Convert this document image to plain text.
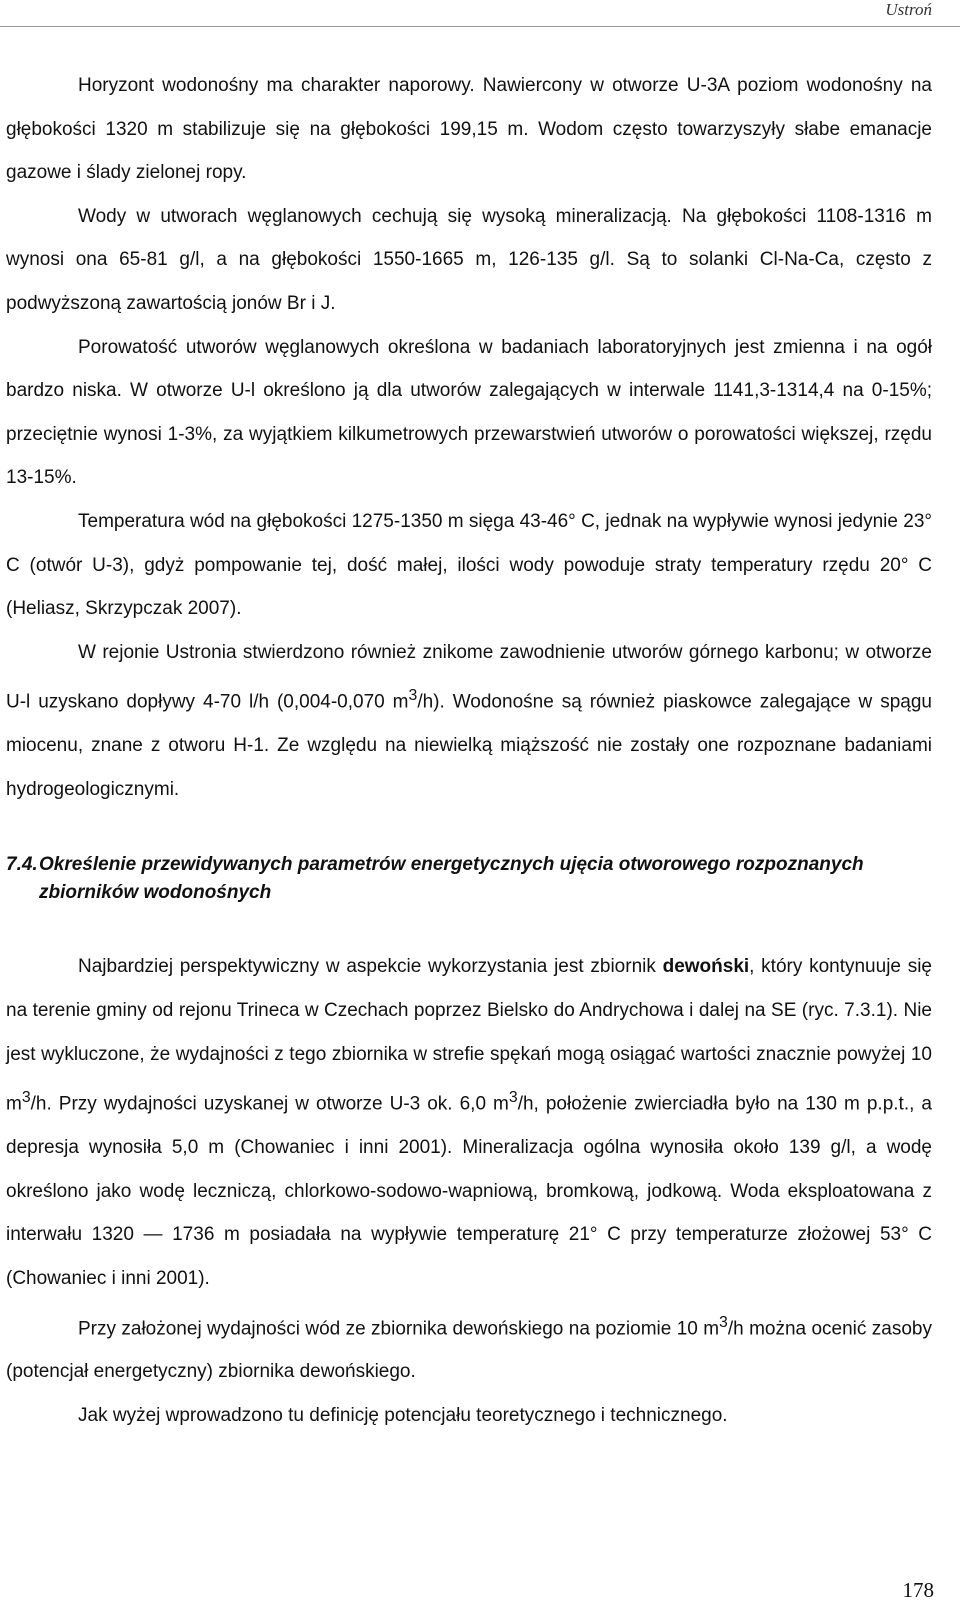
Ustroń

Horyzont wodonośny ma charakter naporowy. Nawiercony w otworze U-3A poziom wodonośny na głębokości 1320 m stabilizuje się na głębokości 199,15 m. Wodom często towarzyszyły słabe emanacje gazowe i ślady zielonej ropy.

Wody w utworach węglanowych cechują się wysoką mineralizacją. Na głębokości 1108-1316 m wynosi ona 65-81 g/l, a na głębokości 1550-1665 m, 126-135 g/l. Są to solanki Cl-Na-Ca, często z podwyższoną zawartością jonów Br i J.

Porowatość utworów węglanowych określona w badaniach laboratoryjnych jest zmienna i na ogół bardzo niska. W otworze U-l określono ją dla utworów zalegających w interwale 1141,3-1314,4 na 0-15%; przeciętnie wynosi 1-3%, za wyjątkiem kilkumetrowych przewarstwień utworów o porowatości większej, rzędu 13-15%.

Temperatura wód na głębokości 1275-1350 m sięga 43-46° C, jednak na wypływie wynosi jedynie 23° C (otwór U-3), gdyż pompowanie tej, dość małej, ilości wody powoduje straty temperatury rzędu 20° C (Heliasz, Skrzypczak 2007).

W rejonie Ustronia stwierdzono również znikome zawodnienie utworów górnego karbonu; w otworze U-l uzyskano dopływy 4-70 l/h (0,004-0,070 $m^3/h$). Wodonośne są również piaskowce zalegające w spągu miocenu, znane z otworu H-1. Ze względu na niewielką miąższość nie zostały one rozpoznane badaniami hydrogeologicznymi.

7.4.Określenie przewidywanych parametrów energetycznych ujęcia otworowego rozpoznanych

zbiorników wodonośnych

Najbardziej perspektywiczny w aspekcie wykorzystania jest zbiornik dewoński, który kontynuuje się na terenie gminy od rejonu Trineca w Czechach poprzez Bielsko do Andrychowa i dalej na SE (ryc. 7.3.1). Nie jest wykluczone, że wydajności z tego zbiornika w strefie spękań mogą osiągać wartości znacznie powyżej 10 $m^3/h$. Przy wydajności uzyskanej w otworze U-3 ok. 6,0 $m^3/h$, położenie zwierciadła było na 130 m p.p.t., a depresja wynosiła 5,0 m (Chowaniec i inni 2001). Mineralizacja ogólna wynosiła około 139 g/l, a wodę określono jako wodę leczniczą, chlorkowo-sodowo-wapniową, bromkową, jodkową. Woda eksploatowana z interwału 1320 — 1736 m posiadała na wypływie temperaturę 21° C przy temperaturze złożowej 53° C (Chowaniec i inni 2001).

Przy założonej wydajności wód ze zbiornika dewońskiego na poziomie 10 $m^3/h$ można ocenić zasoby (potencjał energetyczny) zbiornika dewońskiego.

Jak wyżej wprowadzono tu definicję potencjału teoretycznego i technicznego.

178
